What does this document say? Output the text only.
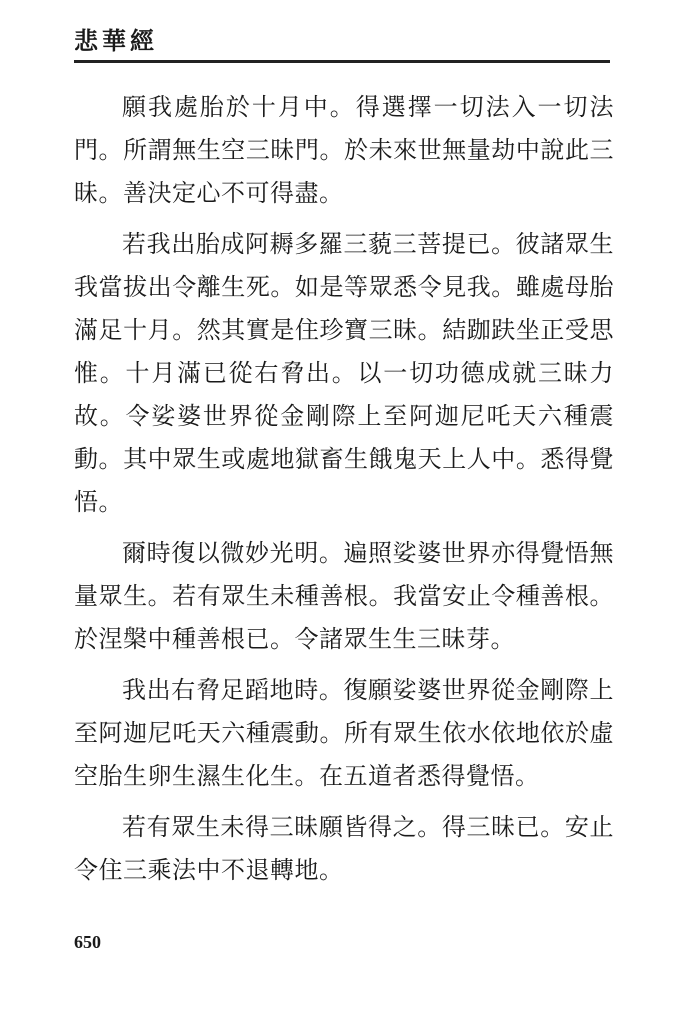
悲華經

願我處胎於十月中。得選擇一切法入一切法門。所謂無生空三昧門。於未來世無量劫中說此三昧。善決定心不可得盡。

若我出胎成阿耨多羅三藐三菩提已。彼諸眾生我當拔出令離生死。如是等眾悉令見我。雖處母胎滿足十月。然其實是住珍寶三昧。結跏趺坐正受思惟。十月滿已從右脅出。以一切功德成就三昧力故。令娑婆世界從金剛際上至阿迦尼吒天六種震動。其中眾生或處地獄畜生餓鬼天上人中。悉得覺悟。

爾時復以微妙光明。遍照娑婆世界亦得覺悟無量眾生。若有眾生未種善根。我當安止令種善根。於涅槃中種善根已。令諸眾生生三昧芽。

我出右脅足蹈地時。復願娑婆世界從金剛際上至阿迦尼吒天六種震動。所有眾生依水依地依於虛空胎生卵生濕生化生。在五道者悉得覺悟。

若有眾生未得三昧願皆得之。得三昧已。安止令住三乘法中不退轉地。

650
